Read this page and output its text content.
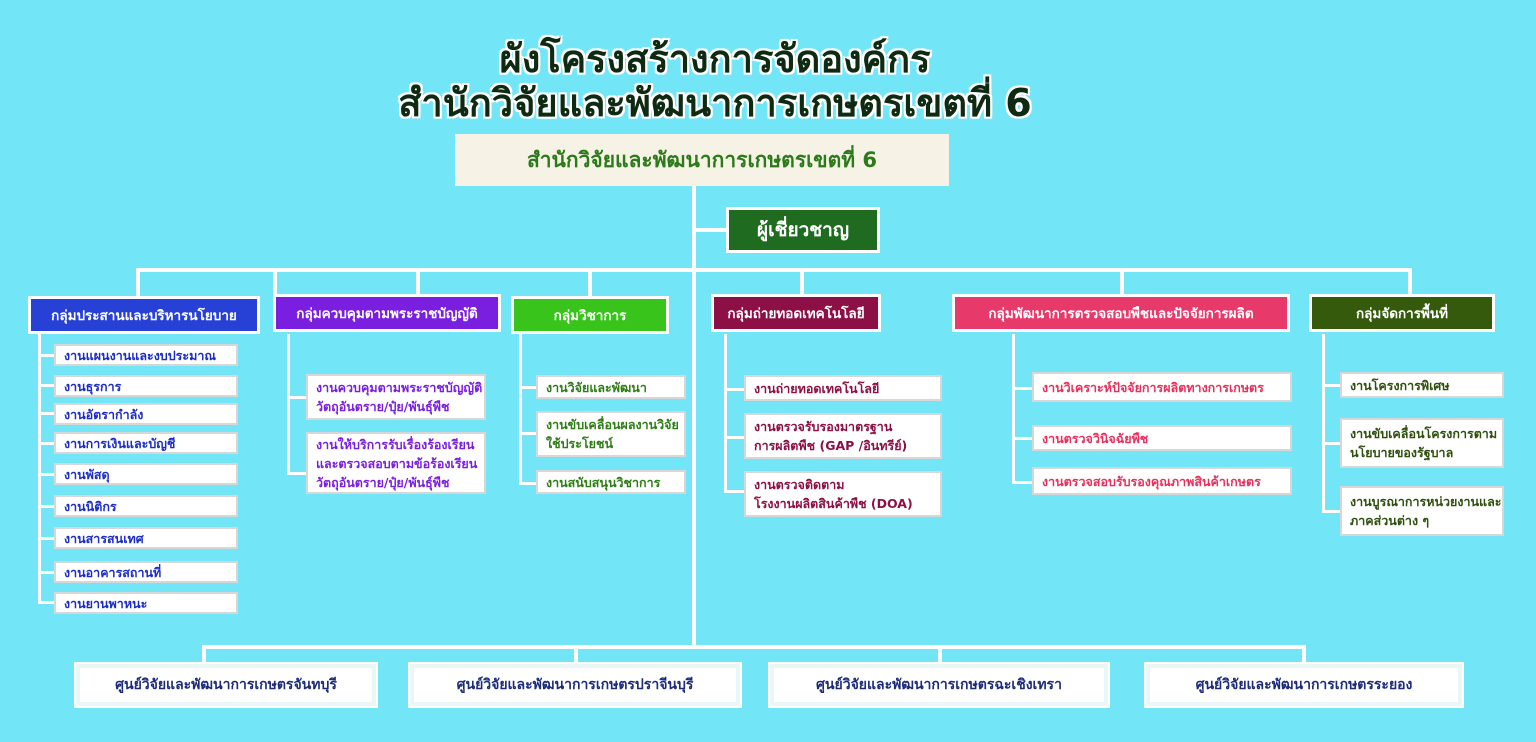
ผังโครงสร้างการจัดองค์กร
สำนักวิจัยและพัฒนาการเกษตรเขตที่ 6
สำนักวิจัยและพัฒนาการเกษตรเขตที่ 6
ผู้เชี่ยวชาญ
กลุ่มประสานและบริหารนโยบาย	กลุ่มควบคุมตามพระราชบัญญัติ	กลุ่มวิชาการ	กลุ่มถ่ายทอดเทคโนโลยี	กลุ่มพัฒนาการตรวจสอบพืชและปัจจัยการผลิต	กลุ่มจัดการพื้นที่
งานแผนงานและงบประมาณ
งานธุรการ
งานอัตรากำลัง
งานการเงินและบัญชี
งานพัสดุ
งานนิติกร
งานสารสนเทศ
งานอาคารสถานที่
งานยานพาหนะ
งานควบคุมตามพระราชบัญญัติ
วัตถุอันตราย/ปุ๋ย/พันธุ์พืช
งานให้บริการรับเรื่องร้องเรียน
และตรวจสอบตามข้อร้องเรียน
วัตถุอันตราย/ปุ๋ย/พันธุ์พืช
งานวิจัยและพัฒนา
งานขับเคลื่อนผลงานวิจัย
ใช้ประโยชน์
งานสนับสนุนวิชาการ
งานถ่ายทอดเทคโนโลยี
งานตรวจรับรองมาตรฐาน
การผลิตพืช (GAP /อินทรีย์)
งานตรวจติดตาม
โรงงานผลิตสินค้าพืช (DOA)
งานวิเคราะห์ปัจจัยการผลิตทางการเกษตร
งานตรวจวินิจฉัยพืช
งานตรวจสอบรับรองคุณภาพสินค้าเกษตร
งานโครงการพิเศษ
งานขับเคลื่อนโครงการตาม
นโยบายของรัฐบาล
งานบูรณาการหน่วยงานและ
ภาคส่วนต่าง ๆ
ศูนย์วิจัยและพัฒนาการเกษตรจันทบุรี	ศูนย์วิจัยและพัฒนาการเกษตรปราจีนบุรี	ศูนย์วิจัยและพัฒนาการเกษตรฉะเชิงเทรา	ศูนย์วิจัยและพัฒนาการเกษตรระยอง
